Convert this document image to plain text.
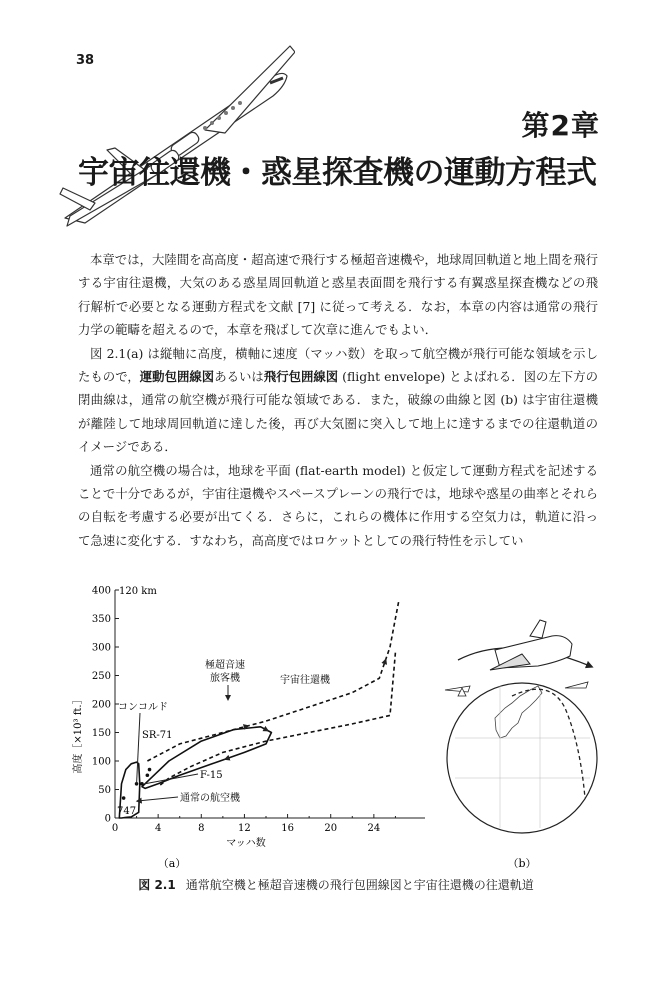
38
第2章
宇宙往還機・惑星探査機の運動方程式

本章では，大陸間を高高度・超高速で飛行する極超音速機や，地球周回軌道と地上間を飛行する宇宙往還機，大気のある惑星周回軌道と惑星表面間を飛行する有翼惑星探査機などの飛行解析で必要となる運動方程式を文献 [7] に従って考える．なお，本章の内容は通常の飛行力学の範疇を超えるので，本章を飛ばして次章に進んでもよい．

図 2.1(a) は縦軸に高度，横軸に速度（マッハ数）を取って航空機が飛行可能な領域を示したもので，運動包囲線図あるいは飛行包囲線図 (flight envelope) とよばれる．図の左下方の閉曲線は，通常の航空機が飛行可能な領域である．また，破線の曲線と図 (b) は宇宙往還機が離陸して地球周回軌道に達した後，再び大気圏に突入して地上に達するまでの往還軌道のイメージである．

通常の航空機の場合は，地球を平面 (flat-earth model) と仮定して運動方程式を記述することで十分であるが，宇宙往還機やスペースプレーンの飛行では，地球や惑星の曲率とそれらの自転を考慮する必要が出てくる．さらに，これらの機体に作用する空気力は，軌道に沿って急速に変化する．すなわち，高高度ではロケットとしての飛行特性を示してい

0	4	8	12	16	20	24
0
50
100
150
200
250
300
350
400 120 km
マッハ数
高度［×10³ ft.］	コンコルド
SR-71
極超音速
旅客機	宇宙往還機
F-15
通常の航空機
747
（a）	（b）
図 2.1 通常航空機と極超音速機の飛行包囲線図と宇宙往還機の往還軌道
